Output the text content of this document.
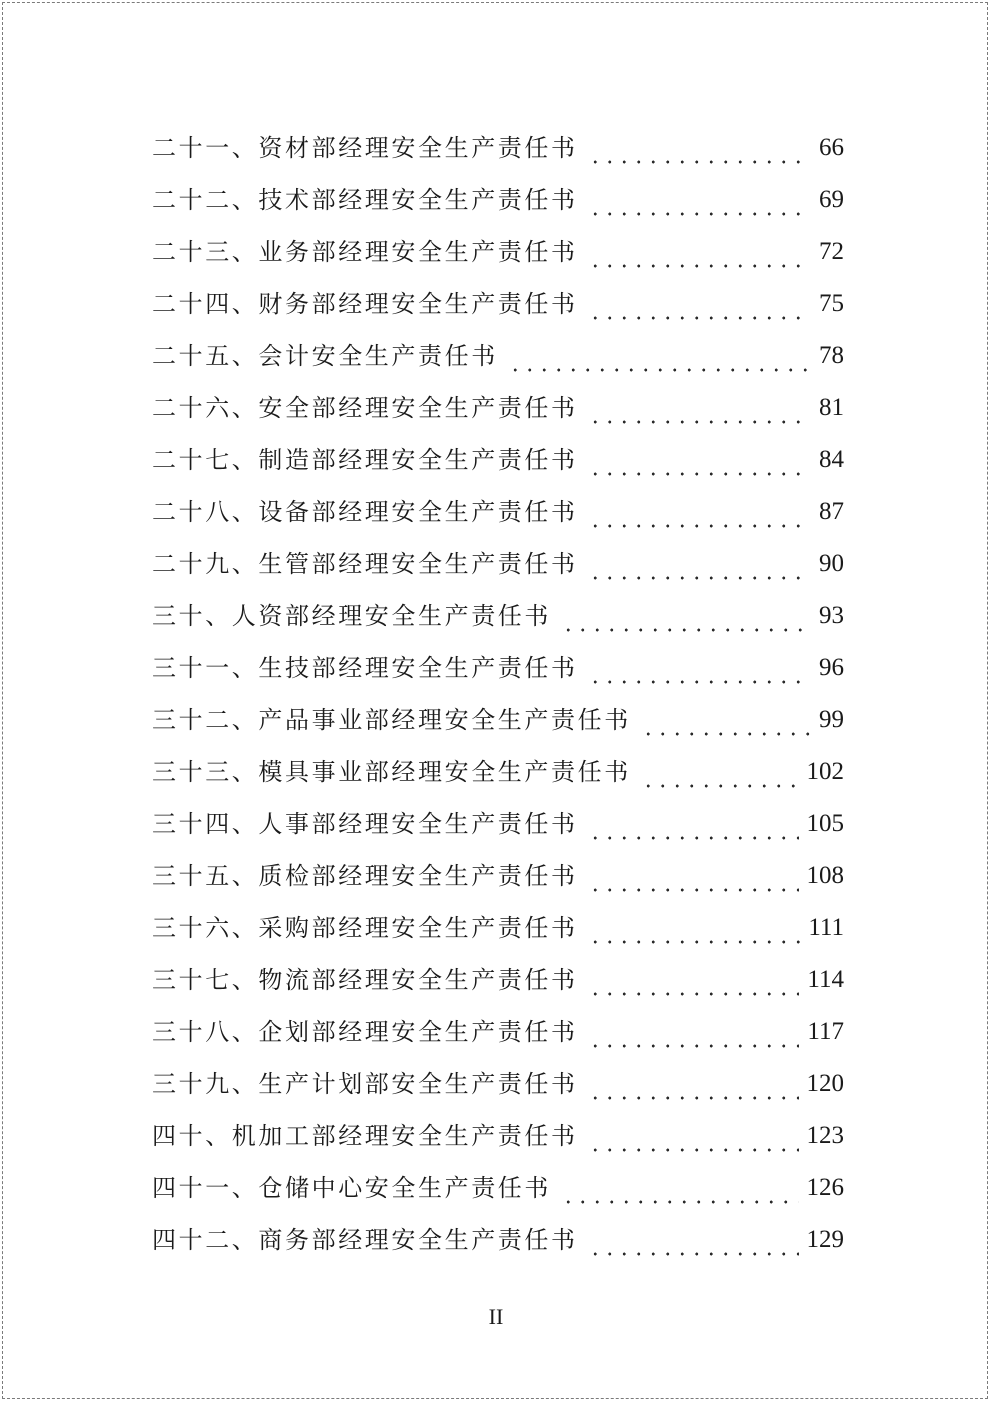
二十一、资材部经理安全生产责任书	66
二十二、技术部经理安全生产责任书	69
二十三、业务部经理安全生产责任书	72
二十四、财务部经理安全生产责任书	75
二十五、会计安全生产责任书	78
二十六、安全部经理安全生产责任书	81
二十七、制造部经理安全生产责任书	84
二十八、设备部经理安全生产责任书	87
二十九、生管部经理安全生产责任书	90
三十、人资部经理安全生产责任书	93
三十一、生技部经理安全生产责任书	96
三十二、产品事业部经理安全生产责任书	99
三十三、模具事业部经理安全生产责任书	102
三十四、人事部经理安全生产责任书	105
三十五、质检部经理安全生产责任书	108
三十六、采购部经理安全生产责任书	111
三十七、物流部经理安全生产责任书	114
三十八、企划部经理安全生产责任书	117
三十九、生产计划部安全生产责任书	120
四十、机加工部经理安全生产责任书	123
四十一、仓储中心安全生产责任书	126
四十二、商务部经理安全生产责任书	129
II
